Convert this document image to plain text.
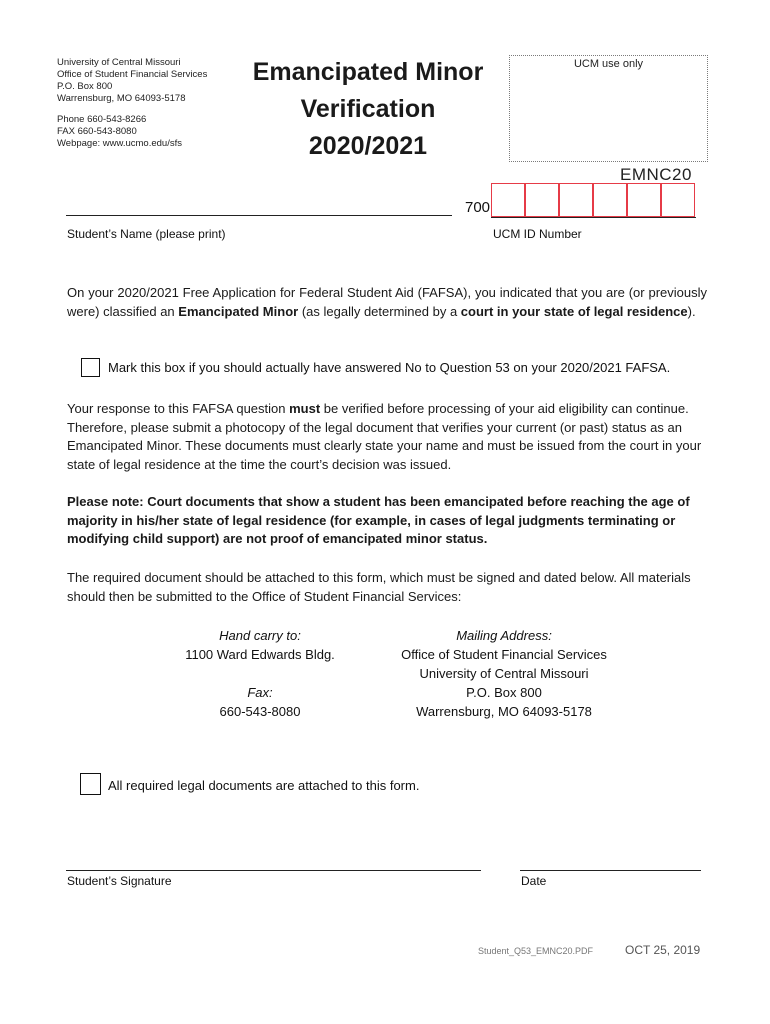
University of Central Missouri
Office of Student Financial Services
P.O. Box 800
Warrensburg, MO 64093-5178
Phone 660-543-8266
FAX 660-543-8080
Webpage: www.ucmo.edu/sfs
Emancipated Minor
Verification
2020/2021
UCM use only
EMNC20
Student’s Name (please print)
700
UCM ID Number
On your 2020/2021 Free Application for Federal Student Aid (FAFSA), you indicated that you are (or previously were) classified an Emancipated Minor (as legally determined by a court in your state of legal residence).
Mark this box if you should actually have answered No to Question 53 on your 2020/2021 FAFSA.
Your response to this FAFSA question must be verified before processing of your aid eligibility can continue. Therefore, please submit a photocopy of the legal document that verifies your current (or past) status as an Emancipated Minor. These documents must clearly state your name and must be issued from the court in your state of legal residence at the time the court’s decision was issued.
Please note: Court documents that show a student has been emancipated before reaching the age of majority in his/her state of legal residence (for example, in cases of legal judgments terminating or modifying child support) are not proof of emancipated minor status.
The required document should be attached to this form, which must be signed and dated below. All materials should then be submitted to the Office of Student Financial Services:
Hand carry to:
1100 Ward Edwards Bldg.
Fax:
660-543-8080
Mailing Address:
Office of Student Financial Services
University of Central Missouri
P.O. Box 800
Warrensburg, MO 64093-5178
All required legal documents are attached to this form.
Student’s Signature	Date
Student_Q53_EMNC20.PDF	OCT 25, 2019
